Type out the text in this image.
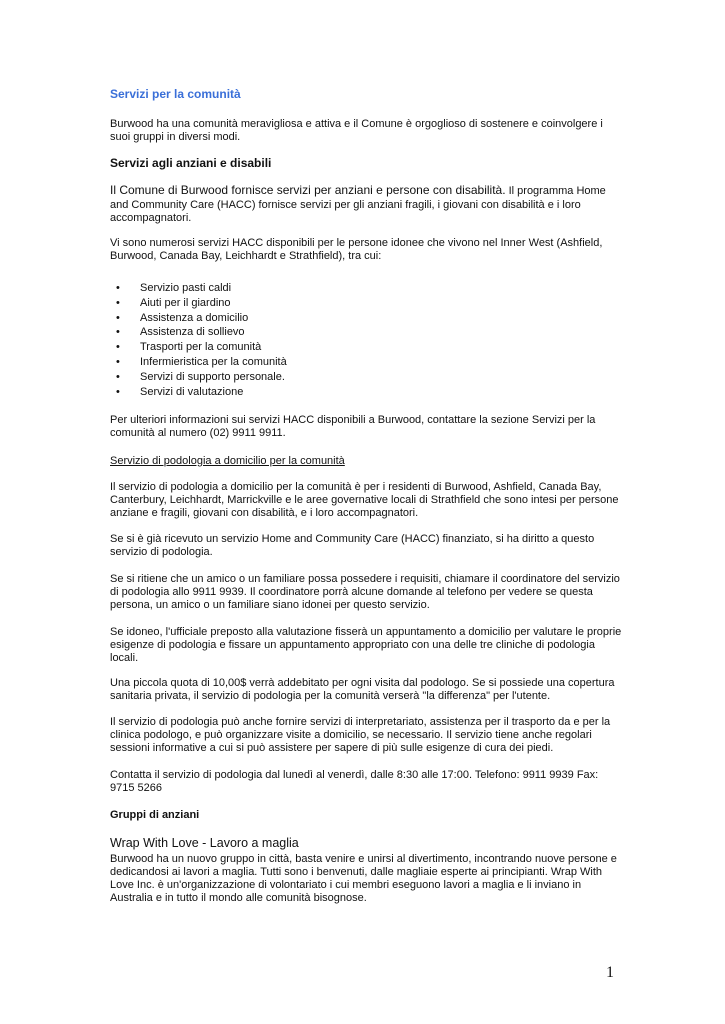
Servizi per la comunità
Burwood ha una comunità meravigliosa e attiva e il Comune è orgoglioso di sostenere e coinvolgere i suoi gruppi in diversi modi.
Servizi agli anziani e disabili
Il Comune di Burwood fornisce servizi per anziani e persone con disabilità. Il programma Home and Community Care (HACC) fornisce servizi per gli anziani fragili, i giovani con disabilità e i loro accompagnatori.
Vi sono numerosi servizi HACC disponibili per le persone idonee che vivono nel Inner West (Ashfield, Burwood, Canada Bay, Leichhardt e Strathfield), tra cui:
• Servizio pasti caldi
• Aiuti per il giardino
• Assistenza a domicilio
• Assistenza di sollievo
• Trasporti per la comunità
• Infermieristica per la comunità
• Servizi di supporto personale.
• Servizi di valutazione
Per ulteriori informazioni sui servizi HACC disponibili a Burwood, contattare la sezione Servizi per la comunità al numero (02) 9911 9911.
Servizio di podologia a domicilio per la comunità
Il servizio di podologia a domicilio per la comunità è per i residenti di Burwood, Ashfield, Canada Bay, Canterbury, Leichhardt, Marrickville e le aree governative locali di Strathfield che sono intesi per persone anziane e fragili, giovani con disabilità, e i loro accompagnatori.
Se si è già ricevuto un servizio Home and Community Care (HACC) finanziato, si ha diritto a questo servizio di podologia.
Se si ritiene che un amico o un familiare possa possedere i requisiti, chiamare il coordinatore del servizio di podologia allo 9911 9939. Il coordinatore porrà alcune domande al telefono per vedere se questa persona, un amico o un familiare siano idonei per questo servizio.
Se idoneo, l'ufficiale preposto alla valutazione fisserà un appuntamento a domicilio per valutare le proprie esigenze di podologia e fissare un appuntamento appropriato con una delle tre cliniche di podologia locali.
Una piccola quota di 10,00$ verrà addebitato per ogni visita dal podologo. Se si possiede una copertura sanitaria privata, il servizio di podologia per la comunità verserà "la differenza" per l'utente.
Il servizio di podologia può anche fornire servizi di interpretariato, assistenza per il trasporto da e per la clinica podologo, e può organizzare visite a domicilio, se necessario. Il servizio tiene anche regolari sessioni informative a cui si può assistere per sapere di più sulle esigenze di cura dei piedi.
Contatta il servizio di podologia dal lunedì al venerdì, dalle 8:30 alle 17:00. Telefono: 9911 9939 Fax: 9715 5266
Gruppi di anziani
Wrap With Love - Lavoro a maglia
Burwood ha un nuovo gruppo in città, basta venire e unirsi al divertimento, incontrando nuove persone e dedicandosi ai lavori a maglia. Tutti sono i benvenuti, dalle magliaie esperte ai principianti. Wrap With Love Inc. è un'organizzazione di volontariato i cui membri eseguono lavori a maglia e li inviano in Australia e in tutto il mondo alle comunità bisognose.
1
